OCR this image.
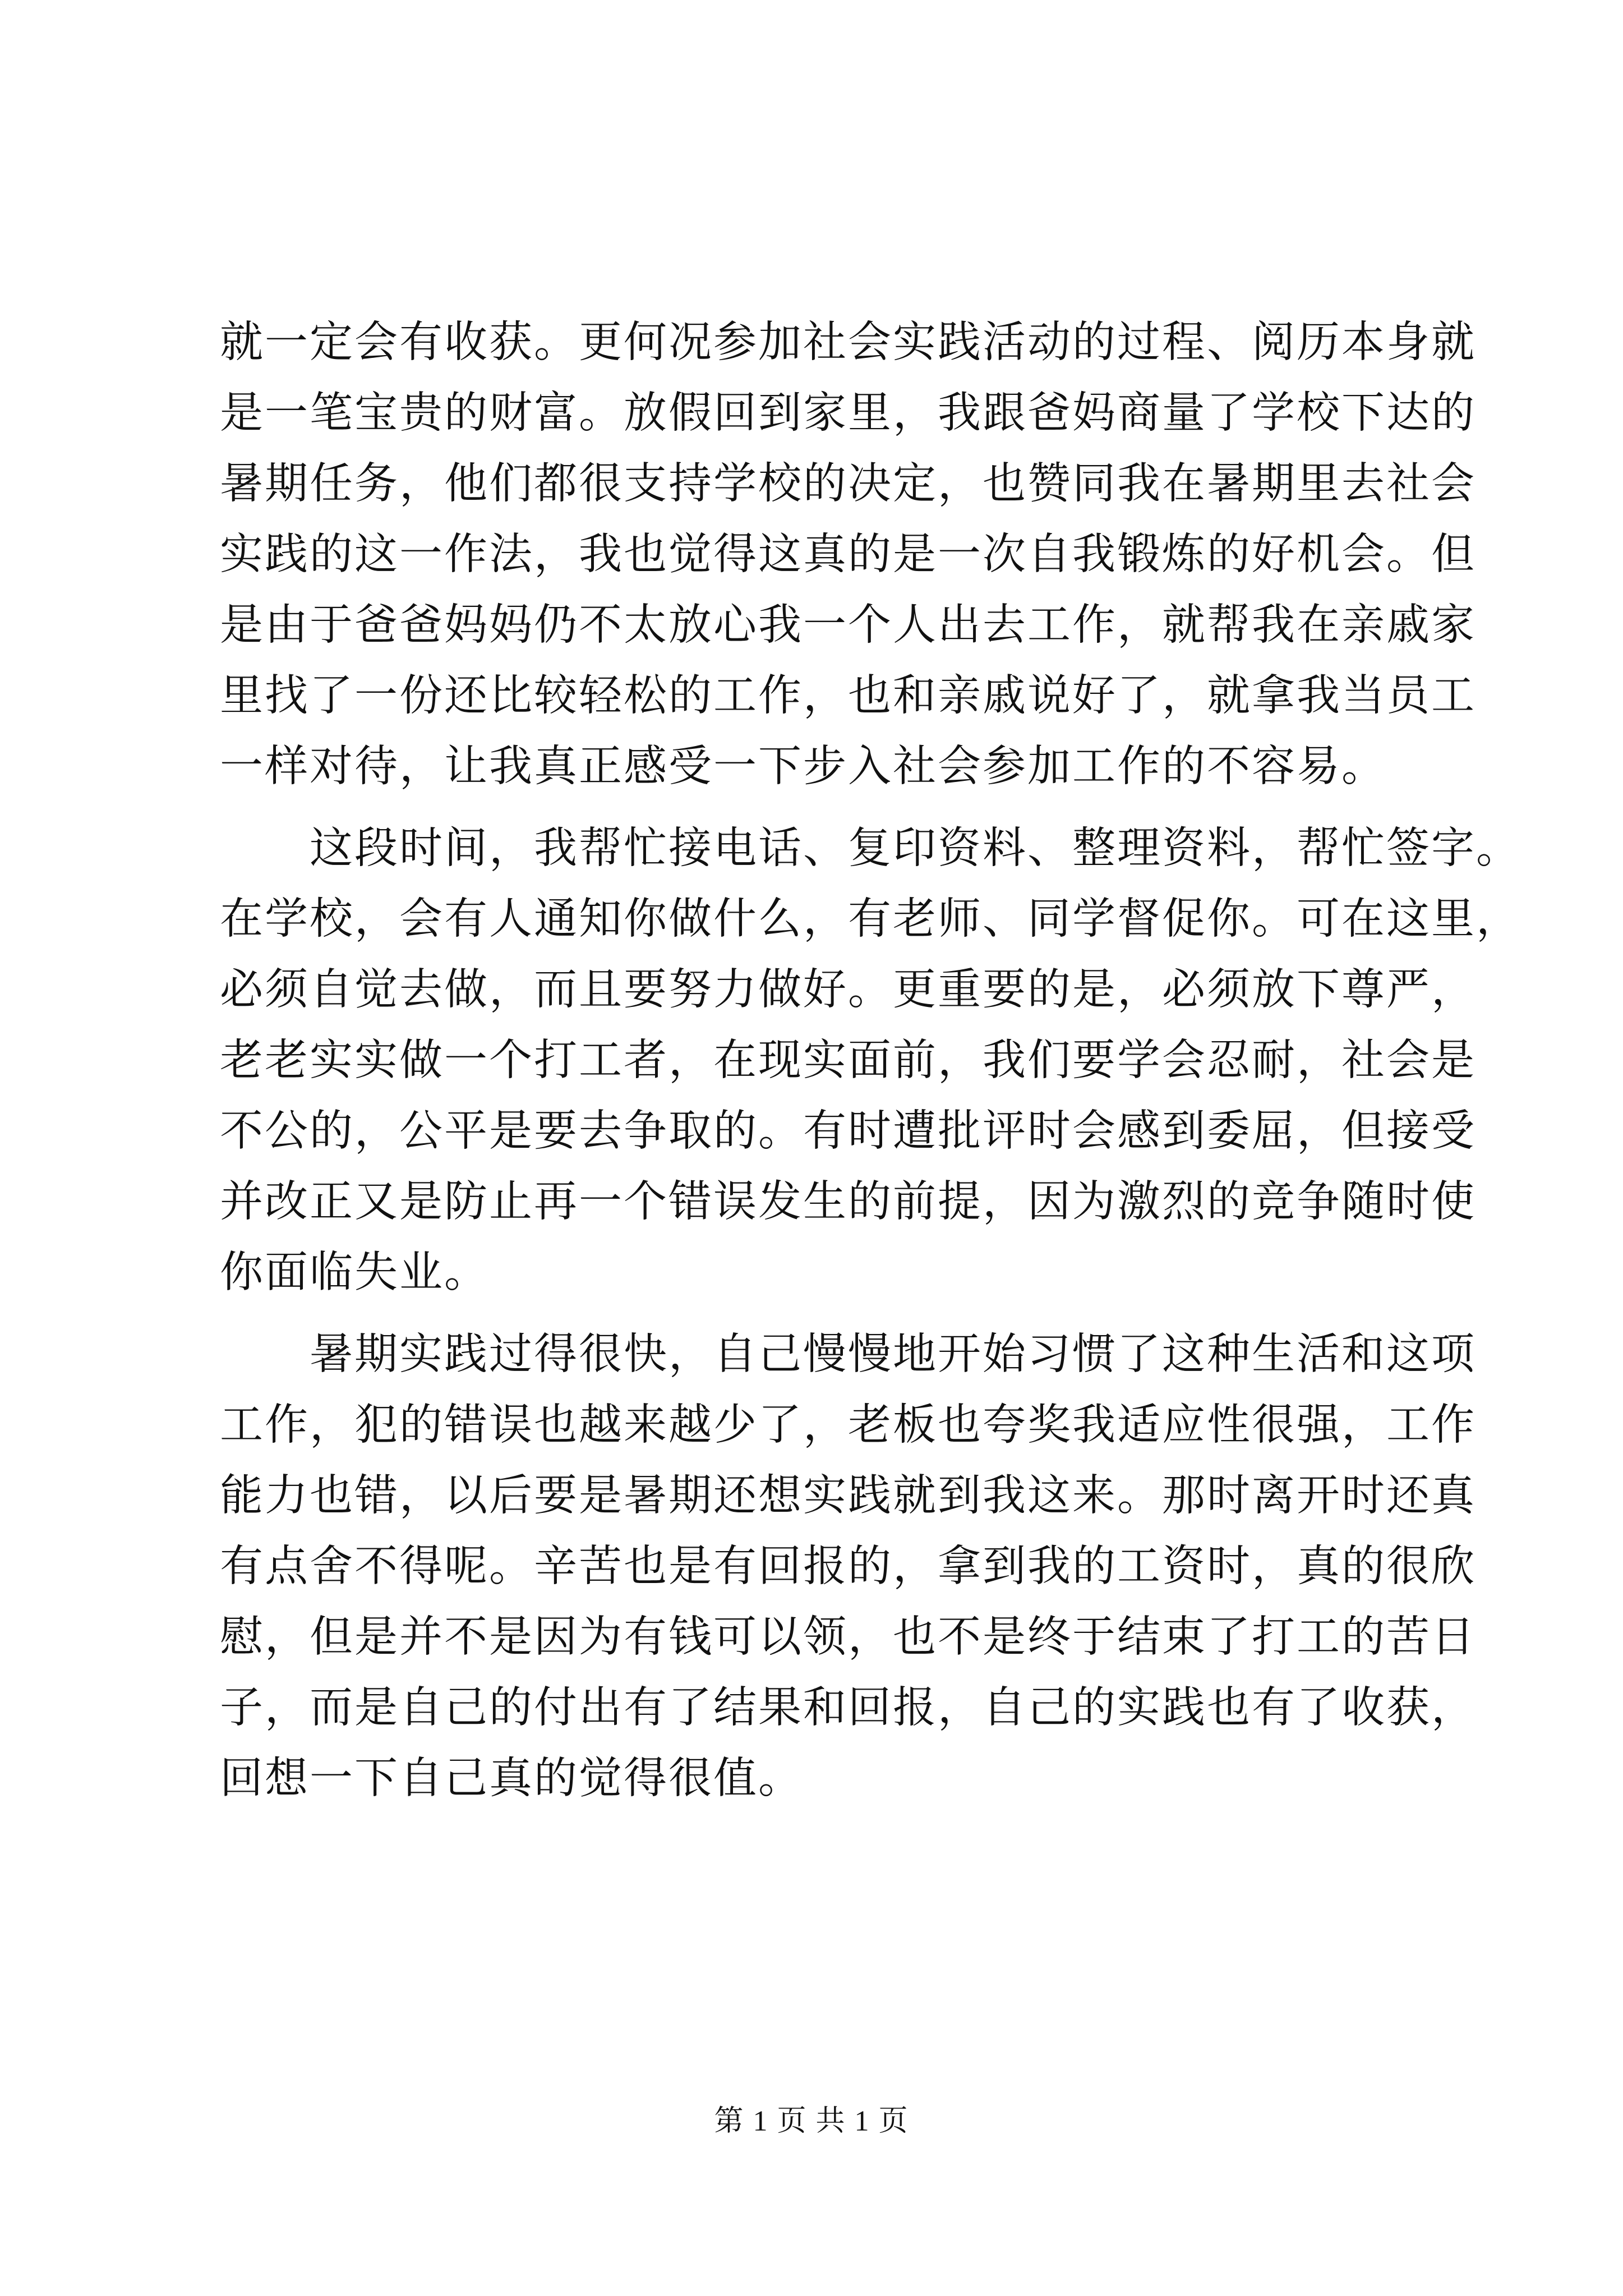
就一定会有收获。更何况参加社会实践活动的过程、阅历本身就
是一笔宝贵的财富。放假回到家里，我跟爸妈商量了学校下达的
暑期任务，他们都很支持学校的决定，也赞同我在暑期里去社会
实践的这一作法，我也觉得这真的是一次自我锻炼的好机会。但
是由于爸爸妈妈仍不太放心我一个人出去工作，就帮我在亲戚家
里找了一份还比较轻松的工作，也和亲戚说好了，就拿我当员工
一样对待，让我真正感受一下步入社会参加工作的不容易。
　　这段时间，我帮忙接电话、复印资料、整理资料，帮忙签字。
在学校，会有人通知你做什么，有老师、同学督促你。可在这里，
必须自觉去做，而且要努力做好。更重要的是，必须放下尊严，
老老实实做一个打工者，在现实面前，我们要学会忍耐，社会是
不公的，公平是要去争取的。有时遭批评时会感到委屈，但接受
并改正又是防止再一个错误发生的前提，因为激烈的竞争随时使
你面临失业。
　　暑期实践过得很快，自己慢慢地开始习惯了这种生活和这项
工作，犯的错误也越来越少了，老板也夸奖我适应性很强，工作
能力也错，以后要是暑期还想实践就到我这来。那时离开时还真
有点舍不得呢。辛苦也是有回报的，拿到我的工资时，真的很欣
慰，但是并不是因为有钱可以领，也不是终于结束了打工的苦日
子，而是自己的付出有了结果和回报，自己的实践也有了收获，
回想一下自己真的觉得很值。
第 1 页 共 1 页
